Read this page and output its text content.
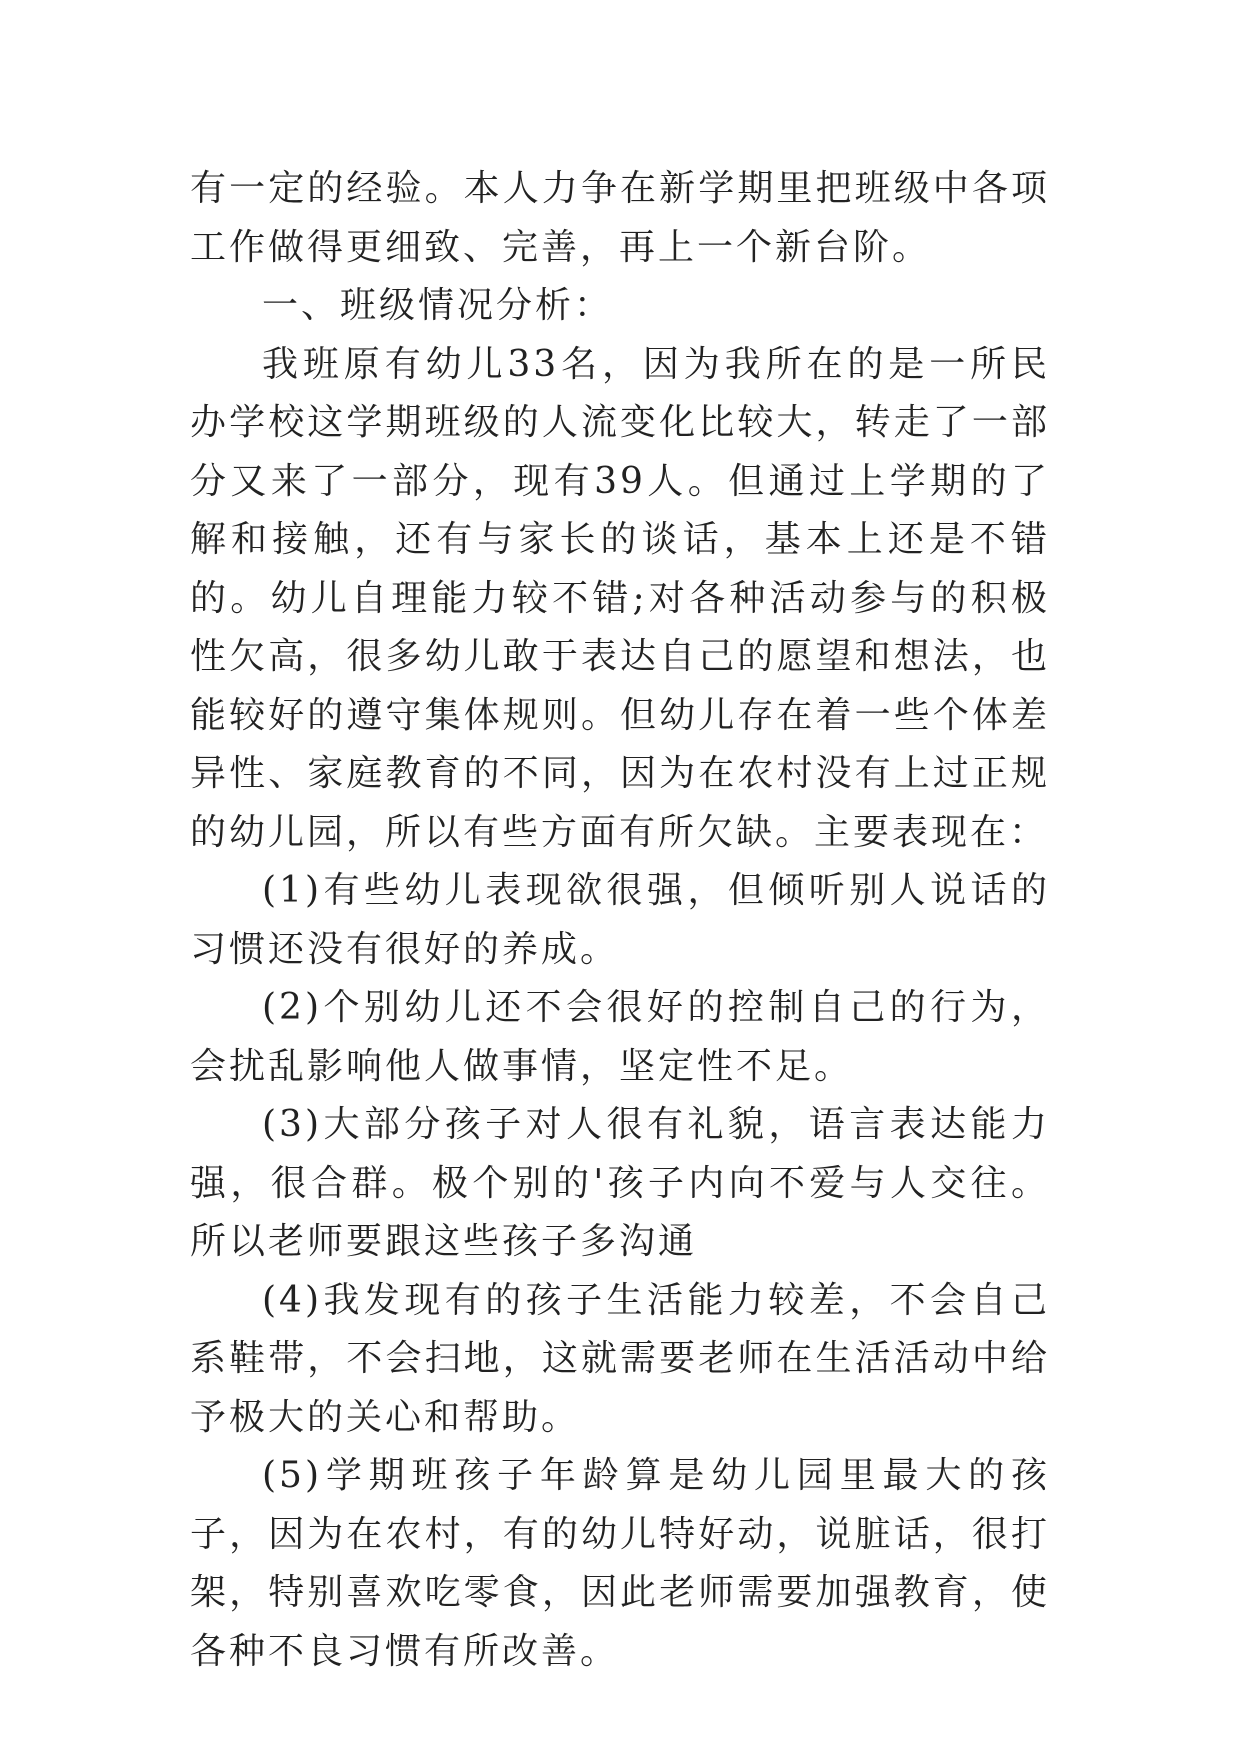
有一定的经验。本人力争在新学期里把班级中各项工作做得更细致、完善，再上一个新台阶。

一、班级情况分析：

我班原有幼儿33名，因为我所在的是一所民办学校这学期班级的人流变化比较大，转走了一部分又来了一部分，现有39人。但通过上学期的了解和接触，还有与家长的谈话，基本上还是不错的。幼儿自理能力较不错;对各种活动参与的积极性欠高，很多幼儿敢于表达自己的愿望和想法，也能较好的遵守集体规则。但幼儿存在着一些个体差异性、家庭教育的不同，因为在农村没有上过正规的幼儿园，所以有些方面有所欠缺。主要表现在：

(1)有些幼儿表现欲很强，但倾听别人说话的习惯还没有很好的养成。

(2)个别幼儿还不会很好的控制自己的行为，会扰乱影响他人做事情，坚定性不足。

(3)大部分孩子对人很有礼貌，语言表达能力强，很合群。极个别的'孩子内向不爱与人交往。所以老师要跟这些孩子多沟通

(4)我发现有的孩子生活能力较差，不会自己系鞋带，不会扫地，这就需要老师在生活活动中给予极大的关心和帮助。

(5)学期班孩子年龄算是幼儿园里最大的孩子，因为在农村，有的幼儿特好动，说脏话，很打架，特别喜欢吃零食，因此老师需要加强教育，使各种不良习惯有所改善。
